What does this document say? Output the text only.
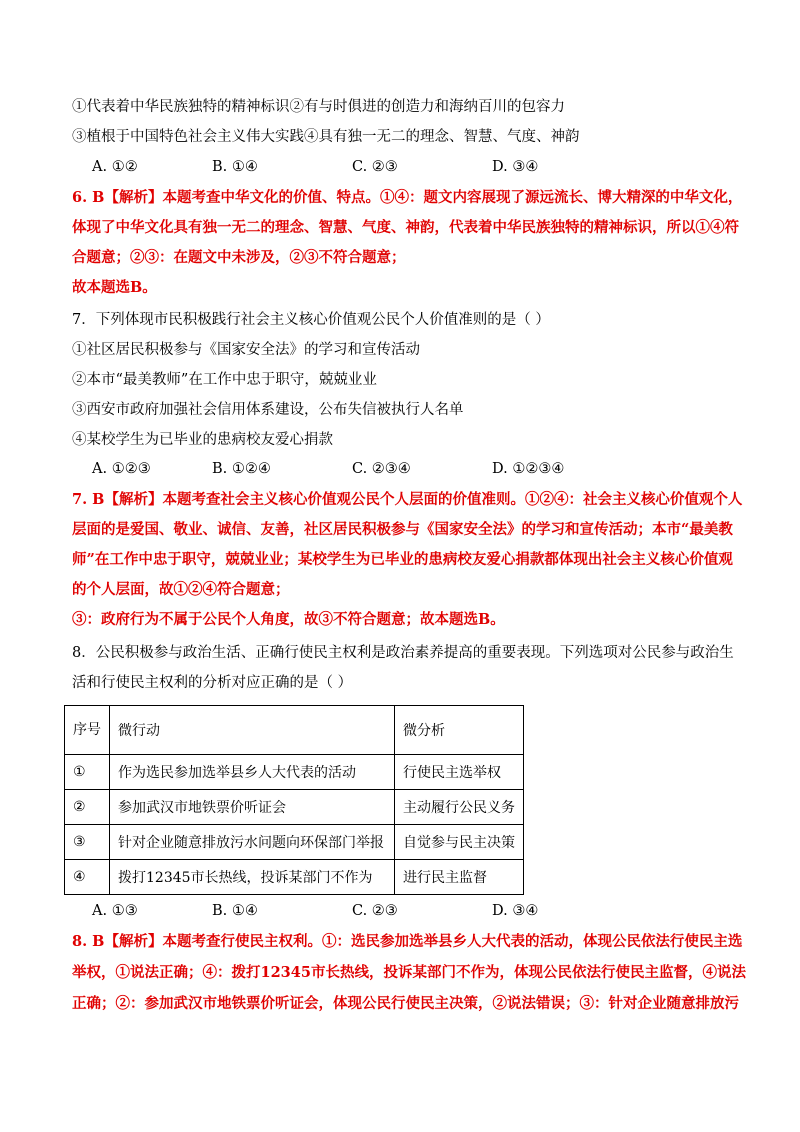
①代表着中华民族独特的精神标识②有与时俱进的创造力和海纳百川的包容力
③植根于中国特色社会主义伟大实践④具有独一无二的理念、智慧、气度、神韵
A. ①②	B. ①④	C. ②③	D. ③④
6. B【解析】本题考查中华文化的价值、特点。①④：题文内容展现了源远流长、博大精深的中华文化，
体现了中华文化具有独一无二的理念、智慧、气度、神韵，代表着中华民族独特的精神标识，所以①④符
合题意；②③：在题文中未涉及，②③不符合题意；
故本题选B。
7．下列体现市民积极践行社会主义核心价值观公民个人价值准则的是（ ）
①社区居民积极参与《国家安全法》的学习和宣传活动
②本市“最美教师”在工作中忠于职守，兢兢业业
③西安市政府加强社会信用体系建设，公布失信被执行人名单
④某校学生为已毕业的患病校友爱心捐款
A. ①②③	B. ①②④	C. ②③④	D. ①②③④
7. B【解析】本题考查社会主义核心价值观公民个人层面的价值准则。①②④：社会主义核心价值观个人
层面的是爱国、敬业、诚信、友善，社区居民积极参与《国家安全法》的学习和宣传活动；本市“最美教
师”在工作中忠于职守，兢兢业业；某校学生为已毕业的患病校友爱心捐款都体现出社会主义核心价值观
的个人层面，故①②④符合题意；
③：政府行为不属于公民个人角度，故③不符合题意；故本题选B。
8．公民积极参与政治生活、正确行使民主权利是政治素养提高的重要表现。下列选项对公民参与政治生
活和行使民主权利的分析对应正确的是（ ）
序号	微行动	微分析
①	作为选民参加选举县乡人大代表的活动	行使民主选举权
②	参加武汉市地铁票价听证会	主动履行公民义务
③	针对企业随意排放污水问题向环保部门举报	自觉参与民主决策
④	拨打12345市长热线，投诉某部门不作为	进行民主监督
A. ①③	B. ①④	C. ②③	D. ③④
8. B【解析】本题考查行使民主权利。①：选民参加选举县乡人大代表的活动，体现公民依法行使民主选
举权，①说法正确；④：拨打12345市长热线，投诉某部门不作为，体现公民依法行使民主监督，④说法
正确；②：参加武汉市地铁票价听证会，体现公民行使民主决策，②说法错误；③：针对企业随意排放污
